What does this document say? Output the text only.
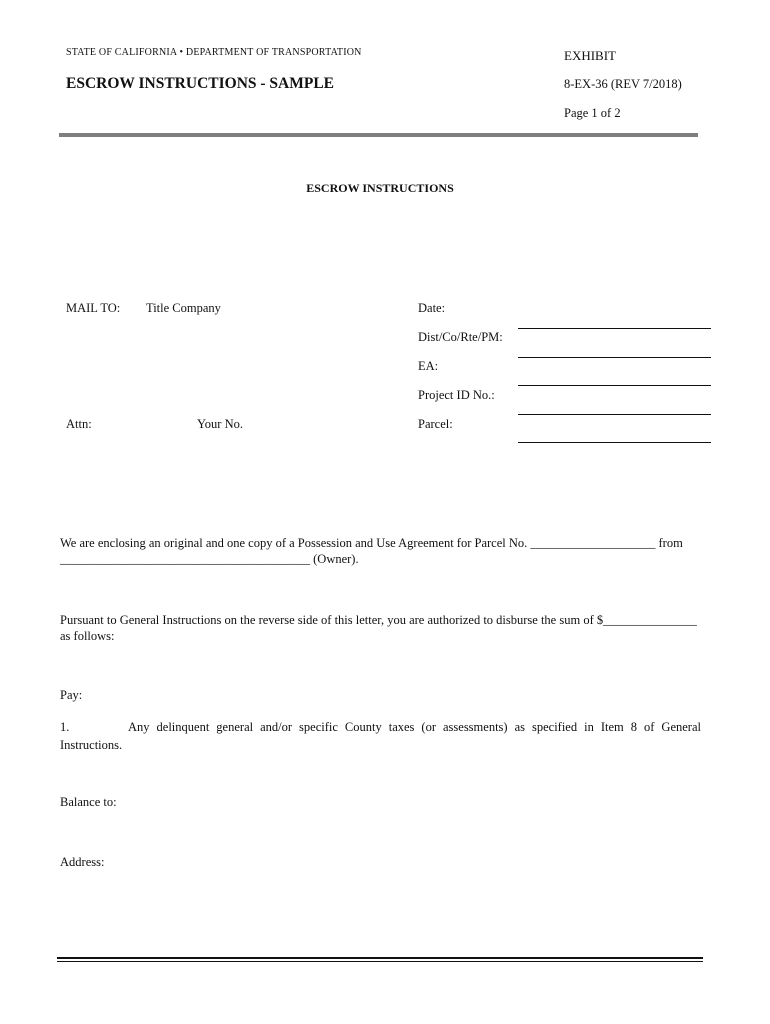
STATE OF CALIFORNIA • DEPARTMENT OF TRANSPORTATION
ESCROW INSTRUCTIONS - SAMPLE
EXHIBIT
8-EX-36 (REV 7/2018)
Page 1 of 2
ESCROW INSTRUCTIONS
MAIL TO: Title Company
Attn:	Your No.
Date:
Dist/Co/Rte/PM:
EA:
Project ID No.:
Parcel:
We are enclosing an original and one copy of a Possession and Use Agreement for Parcel No. ____________________ from
________________________________________ (Owner).
Pursuant to General Instructions on the reverse side of this letter, you are authorized to disburse the sum of $_______________
as follows:
Pay:
1.	Any delinquent general and/or specific County taxes (or assessments) as specified in Item 8 of General Instructions.
Balance to:
Address:
